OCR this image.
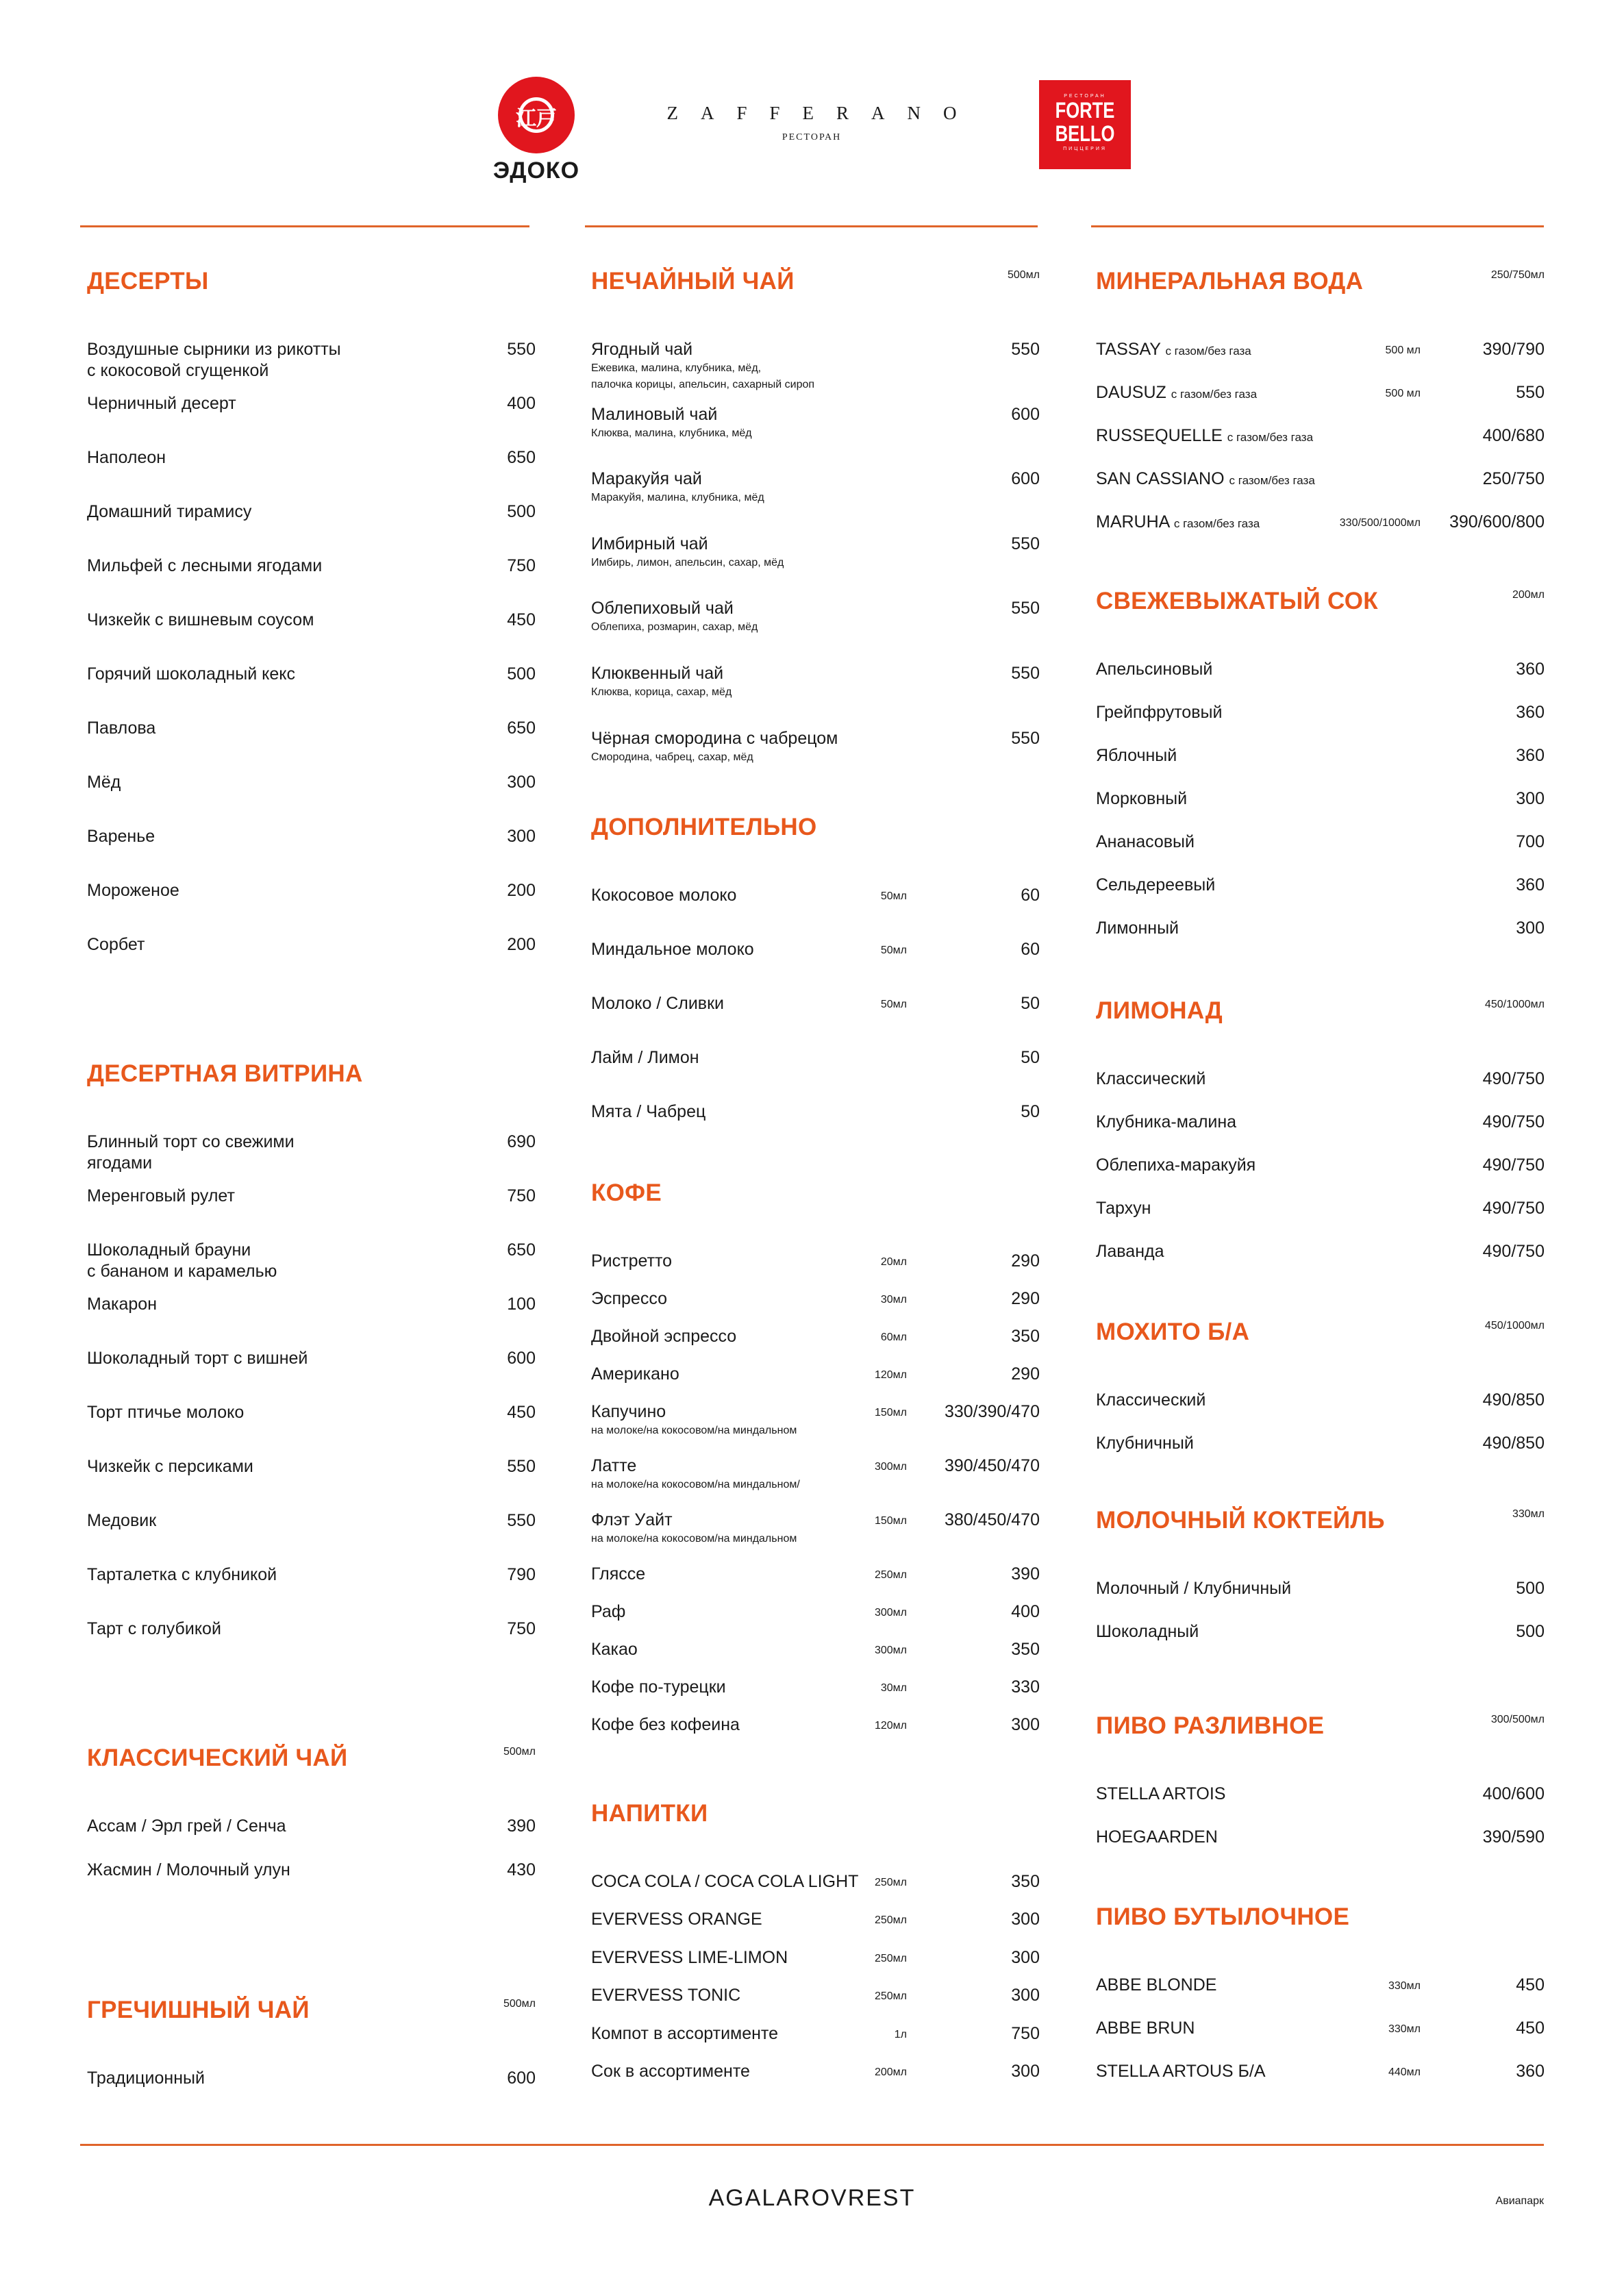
江戸
ЭДОКО
ZAFFERANO
РЕСТОРАН
РЕСТОРАН
FORTE BELLO
ПИЦЦЕРИЯ
ДЕСЕРТЫ
Воздушные сырники из рикотты
с кокосовой сгущенкой
550
Черничный десерт	400
Наполеон	650
Домашний тирамису	500
Мильфей с лесными ягодами	750
Чизкейк с вишневым соусом	450
Горячий шоколадный кекс	500
Павлова	650
Мёд	300
Варенье	300
Мороженое	200
Сорбет	200
ДЕСЕРТНАЯ ВИТРИНА
Блинный торт со свежими ягодами
690
Меренговый рулет	750
Шоколадный брауни
с бананом и карамелью
650
Макарон	100
Шоколадный торт с вишней	600
Торт птичье молоко	450
Чизкейк с персиками	550
Медовик	550
Тарталетка с клубникой	790
Тарт с голубикой	750
КЛАССИЧЕСКИЙ ЧАЙ	500мл
Ассам / Эрл грей / Сенча	390
Жасмин / Молочный улун	430
ГРЕЧИШНЫЙ ЧАЙ	500мл
Традиционный	600
НЕЧАЙНЫЙ ЧАЙ	500мл
Ягодный чай
Ежевика, малина, клубника, мёд,
палочка корицы, апельсин, сахарный сироп
550
Малиновый чай
Клюква, малина, клубника, мёд
600
Маракуйя чай
Маракуйя, малина, клубника, мёд
600
Имбирный чай
Имбирь, лимон, апельсин, сахар, мёд
550
Облепиховый чай
Облепиха, розмарин, сахар, мёд
550
Клюквенный чай
Клюква, корица, сахар, мёд
550
Чёрная смородина с чабрецом
Смородина, чабрец, сахар, мёд
550
ДОПОЛНИТЕЛЬНО
Кокосовое молоко	50мл	60
Миндальное молоко	50мл	60
Молоко / Сливки	50мл	50
Лайм / Лимон	50
Мята / Чабрец	50
КОФЕ
Ристретто	20мл	290
Эспрессо	30мл	290
Двойной эспрессо	60мл	350
Американо	120мл	290
Капучино
на молоке/на кокосовом/на миндальном
150мл 330/390/470
Латте
на молоке/на кокосовом/на миндальном/
300мл 390/450/470
Флэт Уайт
на молоке/на кокосовом/на миндальном
150мл 380/450/470
Гляссе	250мл	390
Раф	300мл	400
Какао	300мл	350
Кофе по-турецки	30мл	330
Кофе без кофеина	120мл	300
НАПИТКИ
COCA COLA / COCA COLA LIGHT	250мл	350
EVERVESS ORANGE	250мл	300
EVERVESS LIME-LIMON	250мл	300
EVERVESS TONIC	250мл	300
Компот в ассортименте	1л	750
Сок в ассортименте	200мл	300
МИНЕРАЛЬНАЯ ВОДА	250/750мл
TASSAY с газом/без газа	500 мл	390/790
DAUSUZ с газом/без газа	500 мл	550
RUSSEQUELLE с газом/без газа	400/680
SAN CASSIANO с газом/без газа	250/750
MARUHA с газом/без газа	330/500/1000мл 390/600/800
СВЕЖЕВЫЖАТЫЙ СОК	200мл
Апельсиновый	360
Грейпфрутовый	360
Яблочный	360
Морковный	300
Ананасовый	700
Сельдереевый	360
Лимонный	300
ЛИМОНАД	450/1000мл
Классический	490/750
Клубника-малина	490/750
Облепиха-маракуйя	490/750
Тархун	490/750
Лаванда	490/750
МОХИТО Б/А	450/1000мл
Классический	490/850
Клубничный	490/850
МОЛОЧНЫЙ КОКТЕЙЛЬ	330мл
Молочный / Клубничный	500
Шоколадный	500
ПИВО РАЗЛИВНОЕ	300/500мл
STELLA ARTOIS	400/600
HOEGAARDEN	390/590
ПИВО БУТЫЛОЧНОЕ
ABBE BLONDE	330мл	450
ABBE BRUN	330мл	450
STELLA ARTOUS Б/А	440мл	360
AGALAROVREST	Авиапарк
